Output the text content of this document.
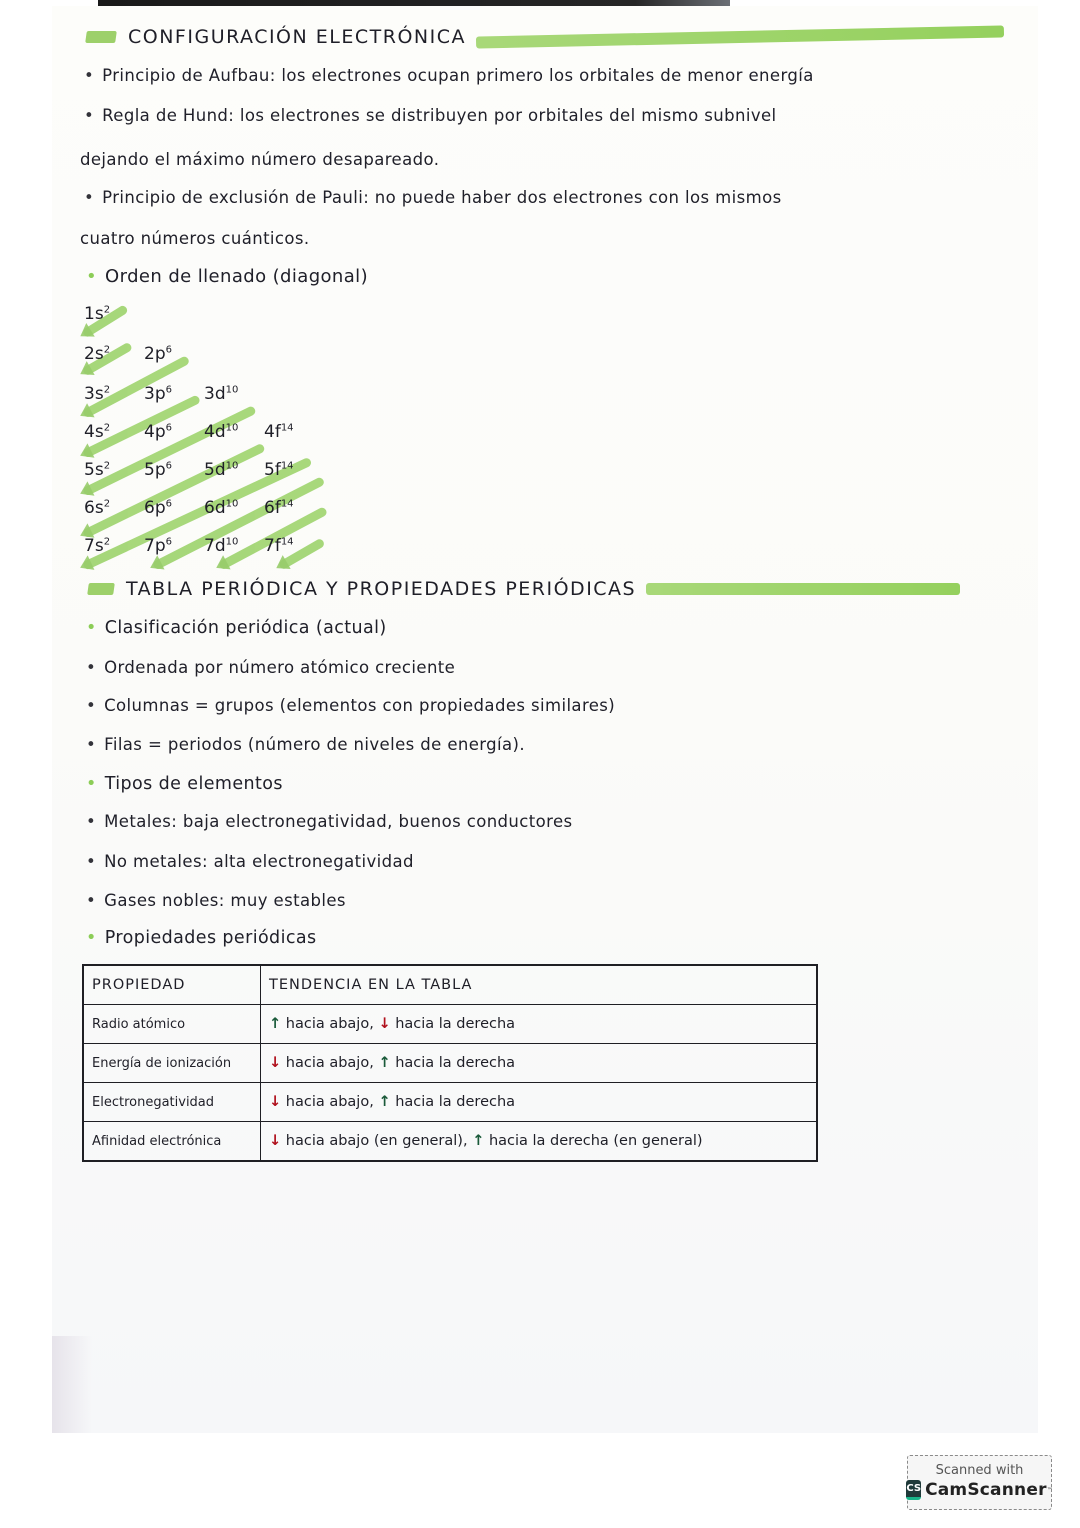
CONFIGURACIÓN ELECTRÓNICA
• Principio de Aufbau: los electrones ocupan primero los orbitales de menor energía
• Regla de Hund: los electrones se distribuyen por orbitales del mismo subnivel
dejando el máximo número desapareado.
• Principio de exclusión de Pauli: no puede haber dos electrones con los mismos
cuatro números cuánticos.
• Orden de llenado (diagonal)
$1s^2$
$2s^2$	$2p^6$
$3s^2$	$3p^6$	$3d^{10}$
$4s^2$	$4p^6$	$4d^{10}$	$4f^{14}$
$5s^2$	$5p^6$	$5d^{10}$	$5f^{14}$
$6s^2$	$6p^6$	$6d^{10}$	$6f^{14}$
$7s^2$	$7p^6$	$7d^{10}$	$7f^{14}$
TABLA PERIÓDICA Y PROPIEDADES PERIÓDICAS
• Clasificación periódica (actual)
• Ordenada por número atómico creciente
• Columnas = grupos (elementos con propiedades similares)
• Filas = periodos (número de niveles de energía).
• Tipos de elementos
• Metales: baja electronegatividad, buenos conductores
• No metales: alta electronegatividad
• Gases nobles: muy estables
• Propiedades periódicas
PROPIEDAD	TENDENCIA EN LA TABLA
Radio atómico	↑ hacia abajo, ↓ hacia la derecha
Energía de ionización	↓ hacia abajo, ↑ hacia la derecha
Electronegatividad	↓ hacia abajo, ↑ hacia la derecha
Afinidad electrónica	↓ hacia abajo (en general), ↑ hacia la derecha (en general)
Scanned with
CS CamScanner ™
